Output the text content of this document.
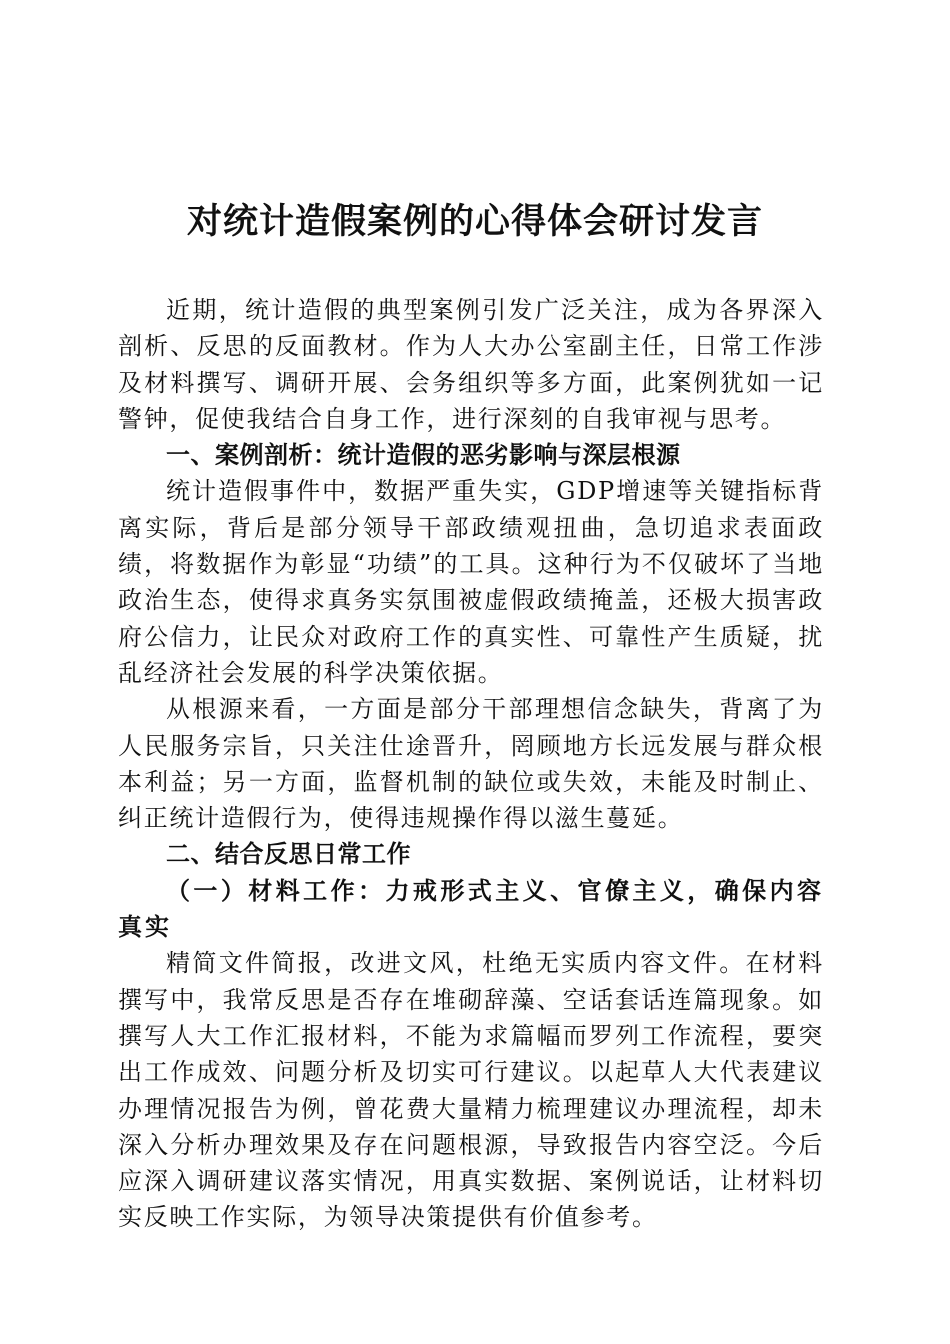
对统计造假案例的心得体会研讨发言

近期，统计造假的典型案例引发广泛关注，成为各界深入剖析、反思的反面教材。作为人大办公室副主任，日常工作涉及材料撰写、调研开展、会务组织等多方面，此案例犹如一记警钟，促使我结合自身工作，进行深刻的自我审视与思考。

一、案例剖析：统计造假的恶劣影响与深层根源

统计造假事件中，数据严重失实，GDP增速等关键指标背离实际，背后是部分领导干部政绩观扭曲，急切追求表面政绩，将数据作为彰显“功绩”的工具。这种行为不仅破坏了当地政治生态，使得求真务实氛围被虚假政绩掩盖，还极大损害政府公信力，让民众对政府工作的真实性、可靠性产生质疑，扰乱经济社会发展的科学决策依据。

从根源来看，一方面是部分干部理想信念缺失，背离了为人民服务宗旨，只关注仕途晋升，罔顾地方长远发展与群众根本利益；另一方面，监督机制的缺位或失效，未能及时制止、纠正统计造假行为，使得违规操作得以滋生蔓延。

二、结合反思日常工作
（一）材料工作：力戒形式主义、官僚主义，确保内容真实

精简文件简报，改进文风，杜绝无实质内容文件。在材料撰写中，我常反思是否存在堆砌辞藻、空话套话连篇现象。如撰写人大工作汇报材料，不能为求篇幅而罗列工作流程，要突出工作成效、问题分析及切实可行建议。以起草人大代表建议办理情况报告为例，曾花费大量精力梳理建议办理流程，却未深入分析办理效果及存在问题根源，导致报告内容空泛。今后应深入调研建议落实情况，用真实数据、案例说话，让材料切实反映工作实际，为领导决策提供有价值参考。
